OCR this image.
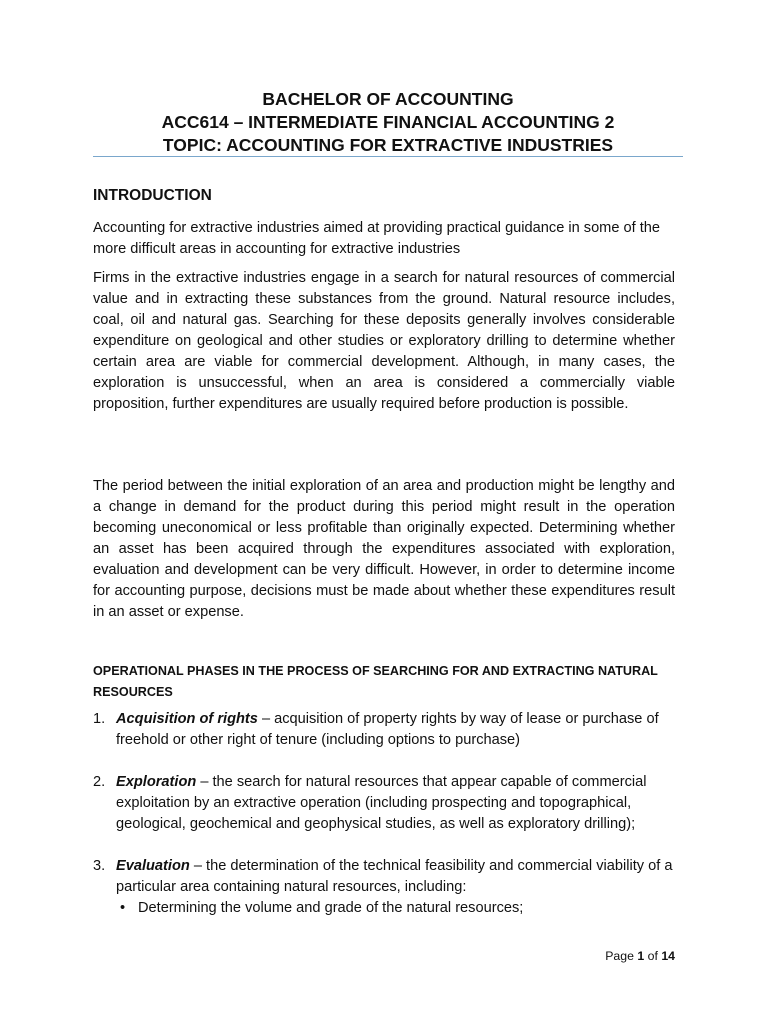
BACHELOR OF ACCOUNTING
ACC614 – INTERMEDIATE FINANCIAL ACCOUNTING 2
TOPIC: ACCOUNTING FOR EXTRACTIVE INDUSTRIES
INTRODUCTION

Accounting for extractive industries aimed at providing practical guidance in some of the more difficult areas in accounting for extractive industries

Firms in the extractive industries engage in a search for natural resources of commercial value and in extracting these substances from the ground. Natural resource includes, coal, oil and natural gas. Searching for these deposits generally involves considerable expenditure on geological and other studies or exploratory drilling to determine whether certain area are viable for commercial development. Although, in many cases, the exploration is unsuccessful, when an area is considered a commercially viable proposition, further expenditures are usually required before production is possible.

The period between the initial exploration of an area and production might be lengthy and a change in demand for the product during this period might result in the operation becoming uneconomical or less profitable than originally expected. Determining whether an asset has been acquired through the expenditures associated with exploration, evaluation and development can be very difficult. However, in order to determine income for accounting purpose, decisions must be made about whether these expenditures result in an asset or expense.

OPERATIONAL PHASES IN THE PROCESS OF SEARCHING FOR AND EXTRACTING NATURAL RESOURCES
1. Acquisition of rights – acquisition of property rights by way of lease or purchase of freehold or other right of tenure (including options to purchase)
2. Exploration – the search for natural resources that appear capable of commercial exploitation by an extractive operation (including prospecting and topographical, geological, geochemical and geophysical studies, as well as exploratory drilling);
3. Evaluation – the determination of the technical feasibility and commercial viability of a particular area containing natural resources, including:
• Determining the volume and grade of the natural resources;
Page 1 of 14
